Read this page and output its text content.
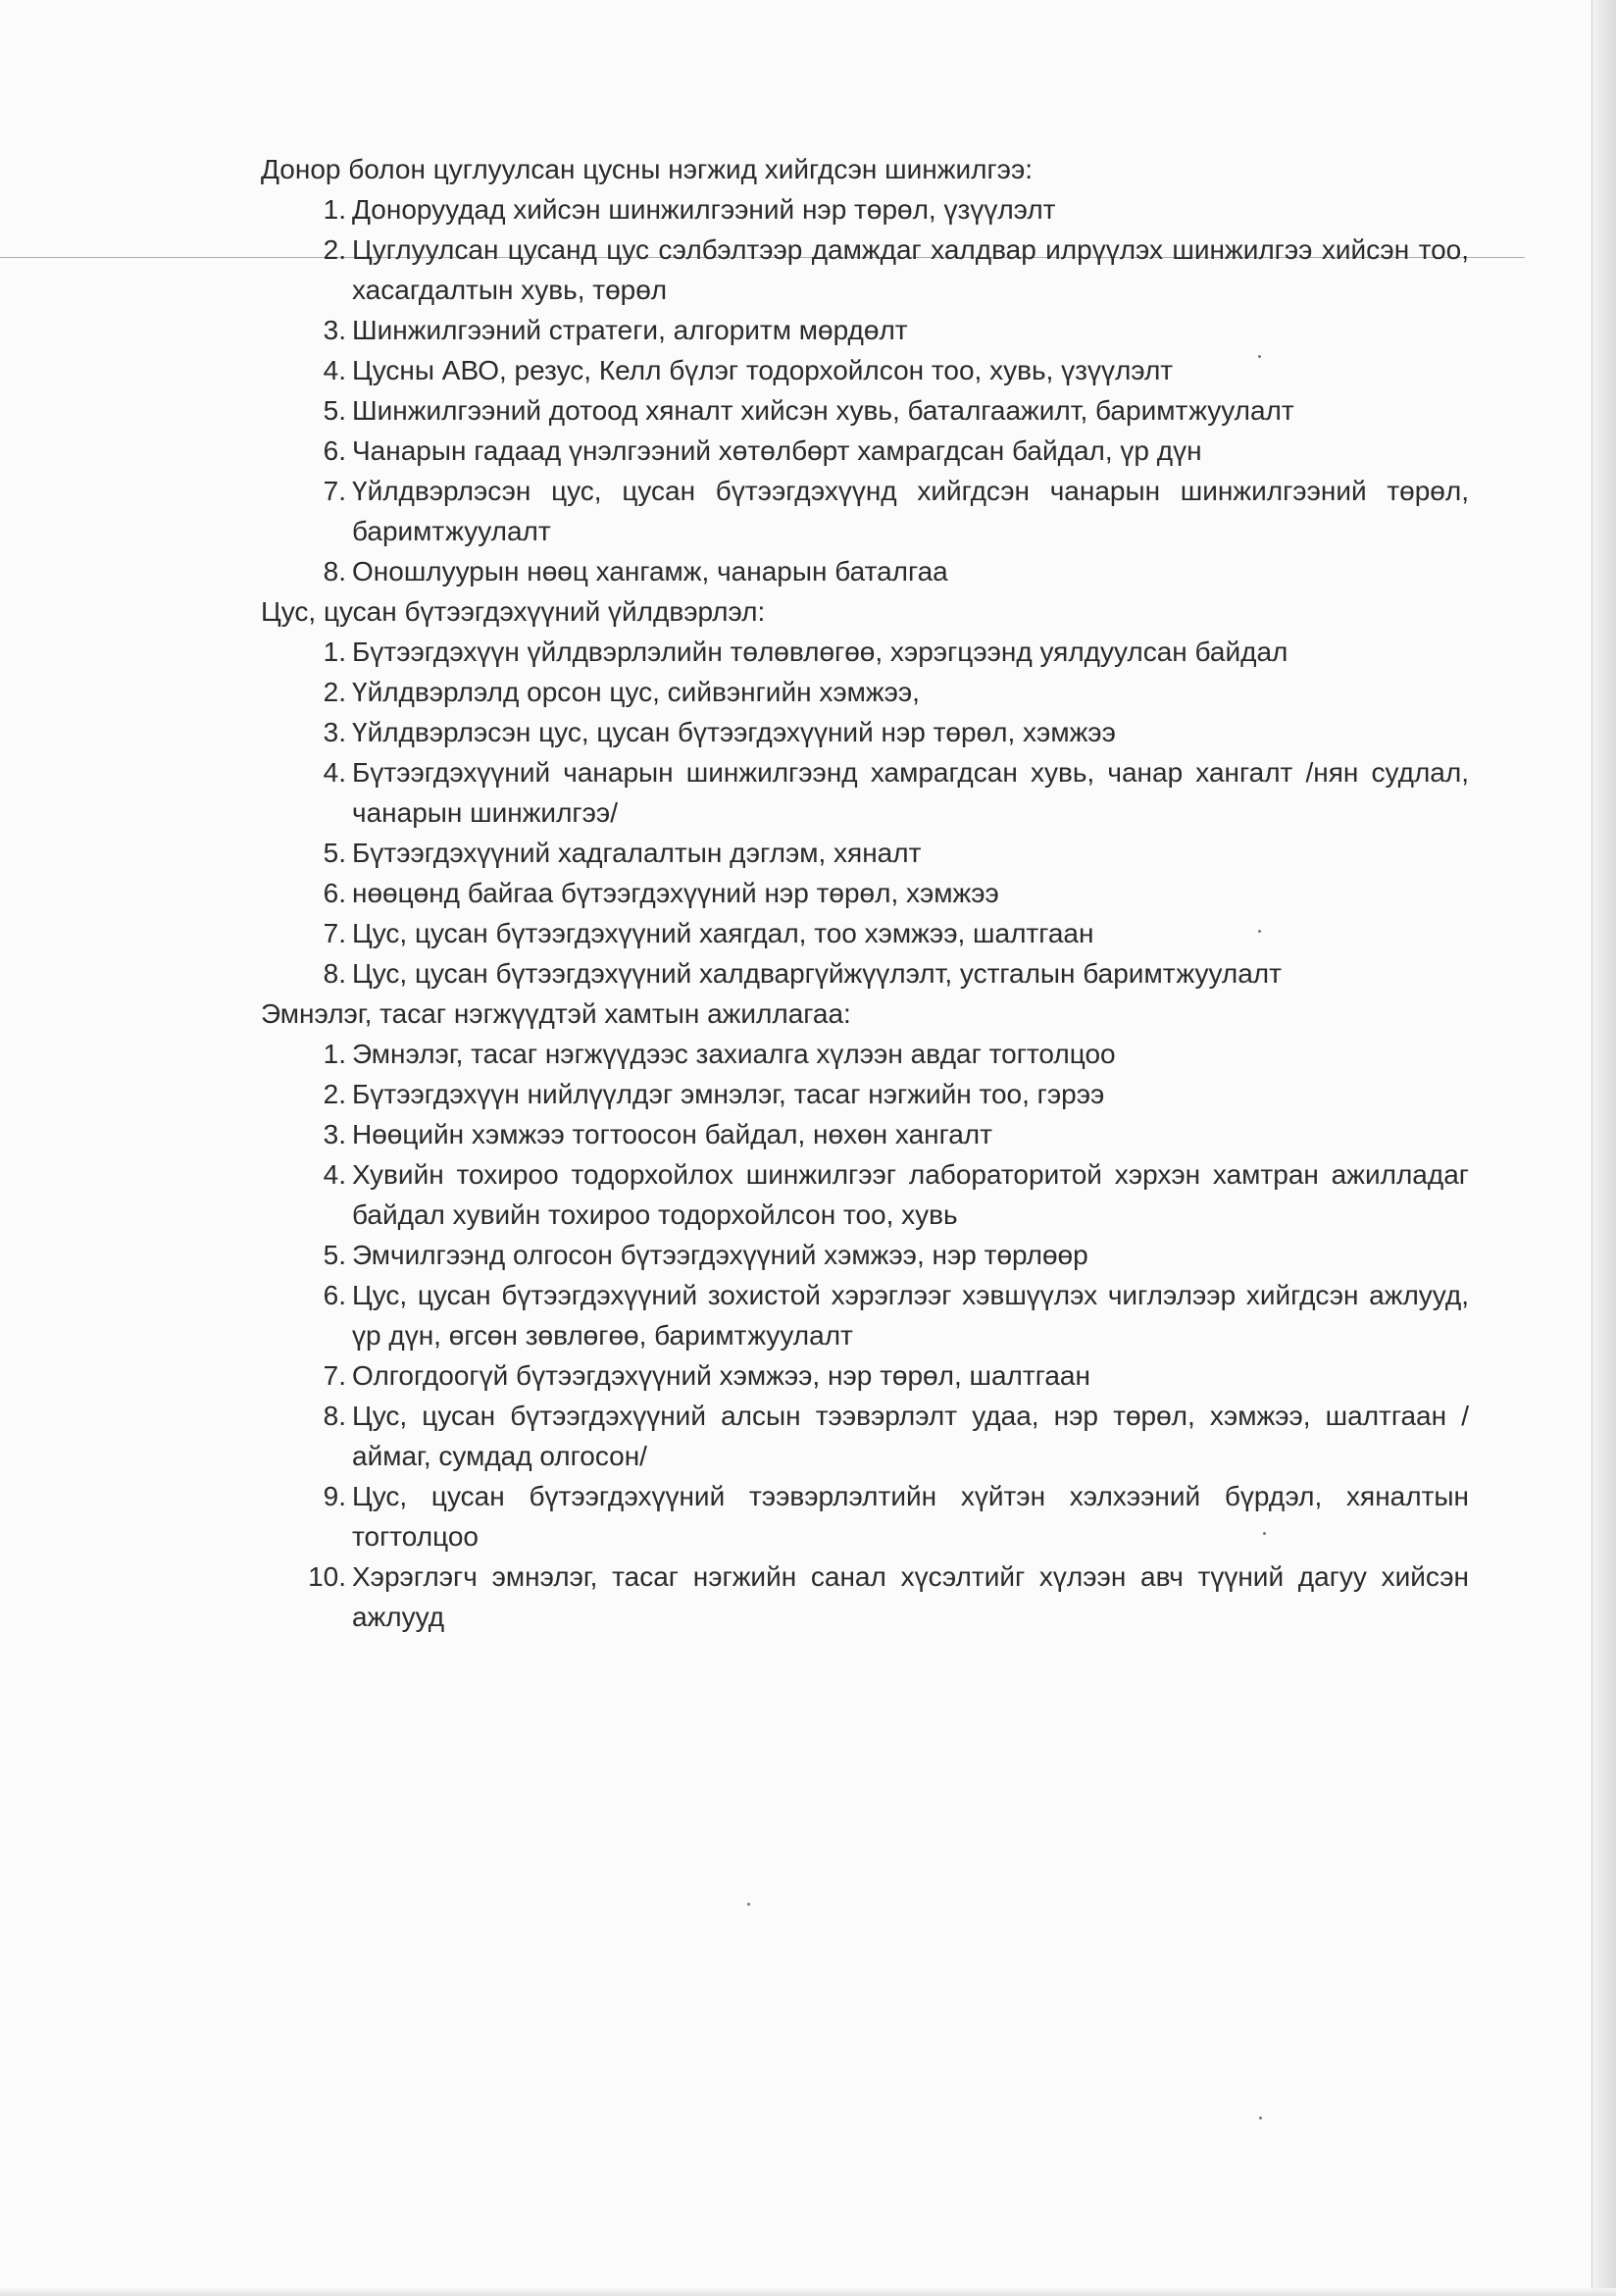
Донор болон цуглуулсан цусны нэгжид хийгдсэн шинжилгээ:

1. Доноруудад хийсэн шинжилгээний нэр төрөл, үзүүлэлт
2. Цуглуулсан цусанд цус сэлбэлтээр дамждаг халдвар илрүүлэх шинжилгээ хийсэн тоо, хасагдалтын хувь, төрөл
3. Шинжилгээний стратеги, алгоритм мөрдөлт
4. Цусны АВО, резус, Келл бүлэг тодорхойлсон тоо, хувь, үзүүлэлт
5. Шинжилгээний дотоод хяналт хийсэн хувь, баталгаажилт, баримтжуулалт
6. Чанарын гадаад үнэлгээний хөтөлбөрт хамрагдсан байдал, үр дүн
7. Үйлдвэрлэсэн цус, цусан бүтээгдэхүүнд хийгдсэн чанарын шинжилгээний төрөл, баримтжуулалт
8. Оношлуурын нөөц хангамж, чанарын баталгаа

Цус, цусан бүтээгдэхүүний үйлдвэрлэл:

1. Бүтээгдэхүүн үйлдвэрлэлийн төлөвлөгөө, хэрэгцээнд уялдуулсан байдал
2. Үйлдвэрлэлд орсон цус, сийвэнгийн хэмжээ,
3. Үйлдвэрлэсэн цус, цусан бүтээгдэхүүний нэр төрөл, хэмжээ
4. Бүтээгдэхүүний чанарын шинжилгээнд хамрагдсан хувь, чанар хангалт /нян судлал, чанарын шинжилгээ/
5. Бүтээгдэхүүний хадгалалтын дэглэм, хяналт
6. нөөцөнд байгаа бүтээгдэхүүний нэр төрөл, хэмжээ
7. Цус, цусан бүтээгдэхүүний хаягдал, тоо хэмжээ, шалтгаан
8. Цус, цусан бүтээгдэхүүний халдваргүйжүүлэлт, устгалын баримтжуулалт

Эмнэлэг, тасаг нэгжүүдтэй хамтын ажиллагаа:

1. Эмнэлэг, тасаг нэгжүүдээс захиалга хүлээн авдаг тогтолцоо
2. Бүтээгдэхүүн нийлүүлдэг эмнэлэг, тасаг нэгжийн тоо, гэрээ
3. Нөөцийн хэмжээ тогтоосон байдал, нөхөн хангалт
4. Хувийн тохироо тодорхойлох шинжилгээг лабораторитой хэрхэн хамтран ажилладаг байдал хувийн тохироо тодорхойлсон тоо, хувь
5. Эмчилгээнд олгосон бүтээгдэхүүний хэмжээ, нэр төрлөөр
6. Цус, цусан бүтээгдэхүүний зохистой хэрэглээг хэвшүүлэх чиглэлээр хийгдсэн ажлууд, үр дүн, өгсөн зөвлөгөө, баримтжуулалт
7. Олгогдоогүй бүтээгдэхүүний хэмжээ, нэр төрөл, шалтгаан
8. Цус, цусан бүтээгдэхүүний алсын тээвэрлэлт удаа, нэр төрөл, хэмжээ, шалтгаан /аймаг, сумдад олгосон/
9. Цус, цусан бүтээгдэхүүний тээвэрлэлтийн хүйтэн хэлхээний бүрдэл, хяналтын тогтолцоо
10. Хэрэглэгч эмнэлэг, тасаг нэгжийн санал хүсэлтийг хүлээн авч түүний дагуу хийсэн ажлууд
